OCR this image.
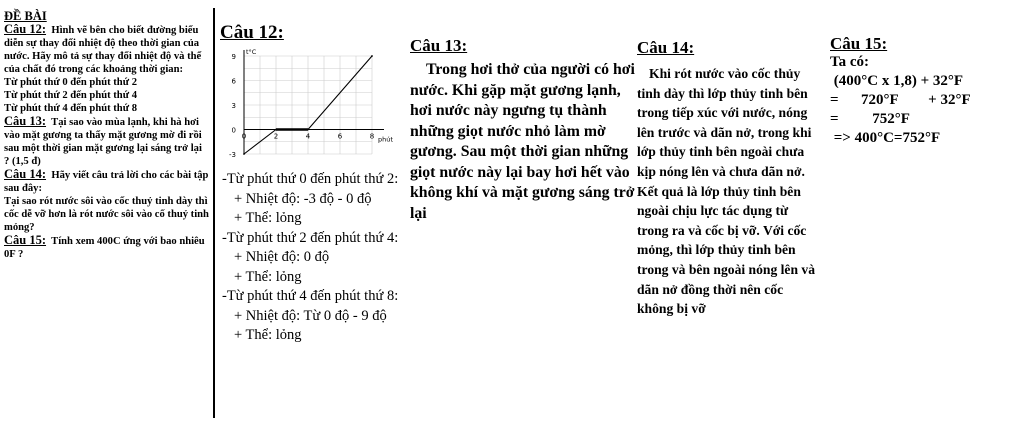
ĐỀ BÀI
Câu 12: Hình vẽ bên cho biết đường biểu diễn sự thay đổi nhiệt độ theo thời gian của nước. Hãy mô tả sự thay đổi nhiệt độ và thể
của chất đó trong các khoảng thời gian:
Từ phút thứ 0 đến phút thứ 2
Từ phút thứ 2 đến phút thứ 4
Từ phút thứ 4 đến phút thứ 8
Câu 13: Tại sao vào mùa lạnh, khi hà hơi vào mặt gương ta thấy mặt gương mờ đi rồi sau một thời gian mặt gương lại sáng trở lại ? (1,5 đ)
Câu 14: Hãy viết câu trả lời cho các bài tập sau đây:
Tại sao rót nước sôi vào cốc thuỷ tinh dày thì cốc dễ vỡ hơn là rót nước sôi vào cố thuỷ tinh mỏng?
Câu 15: Tính xem 400C ứng với bao nhiêu 0F ?
Câu 12:
t°C
phút
-3
0
3
6
9
0	2	4	6	8
-Từ phút thứ 0 đến phút thứ 2:
+ Nhiệt độ: -3 độ - 0 độ
+ Thể: lỏng
-Từ phút thứ 2 đến phút thứ 4:
+ Nhiệt độ: 0 độ
+ Thể: lỏng
-Từ phút thứ 4 đến phút thứ 8:
+ Nhiệt độ: Từ 0 độ - 9 độ
+ Thể: lỏng
Câu 13:
Trong hơi thở của người có hơi nước. Khi gặp mặt gương lạnh, hơi nước này ngưng tụ thành những giọt nước nhỏ làm mờ gương. Sau một thời gian những giọt nước này lại bay hơi hết vào không khí và mặt gương sáng trở lại
Câu 14:
Khi rót nước vào cốc thủy tinh dày thì lớp thủy tinh bên trong tiếp xúc với nước, nóng lên trước và dãn nở, trong khi lớp thủy tinh bên ngoài chưa kịp nóng lên và chưa dãn nở. Kết quả là lớp thủy tinh bên ngoài chịu lực tác dụng từ trong ra và cốc bị vỡ. Với cốc mỏng, thì lớp thủy tinh bên trong và bên ngoài nóng lên và dãn nở đồng thời nên cốc không bị vỡ
Câu 15:
Ta có:
(400°C x 1,8) + 32°F
=      720°F        + 32°F
=         752°F
=> 400°C=752°F
